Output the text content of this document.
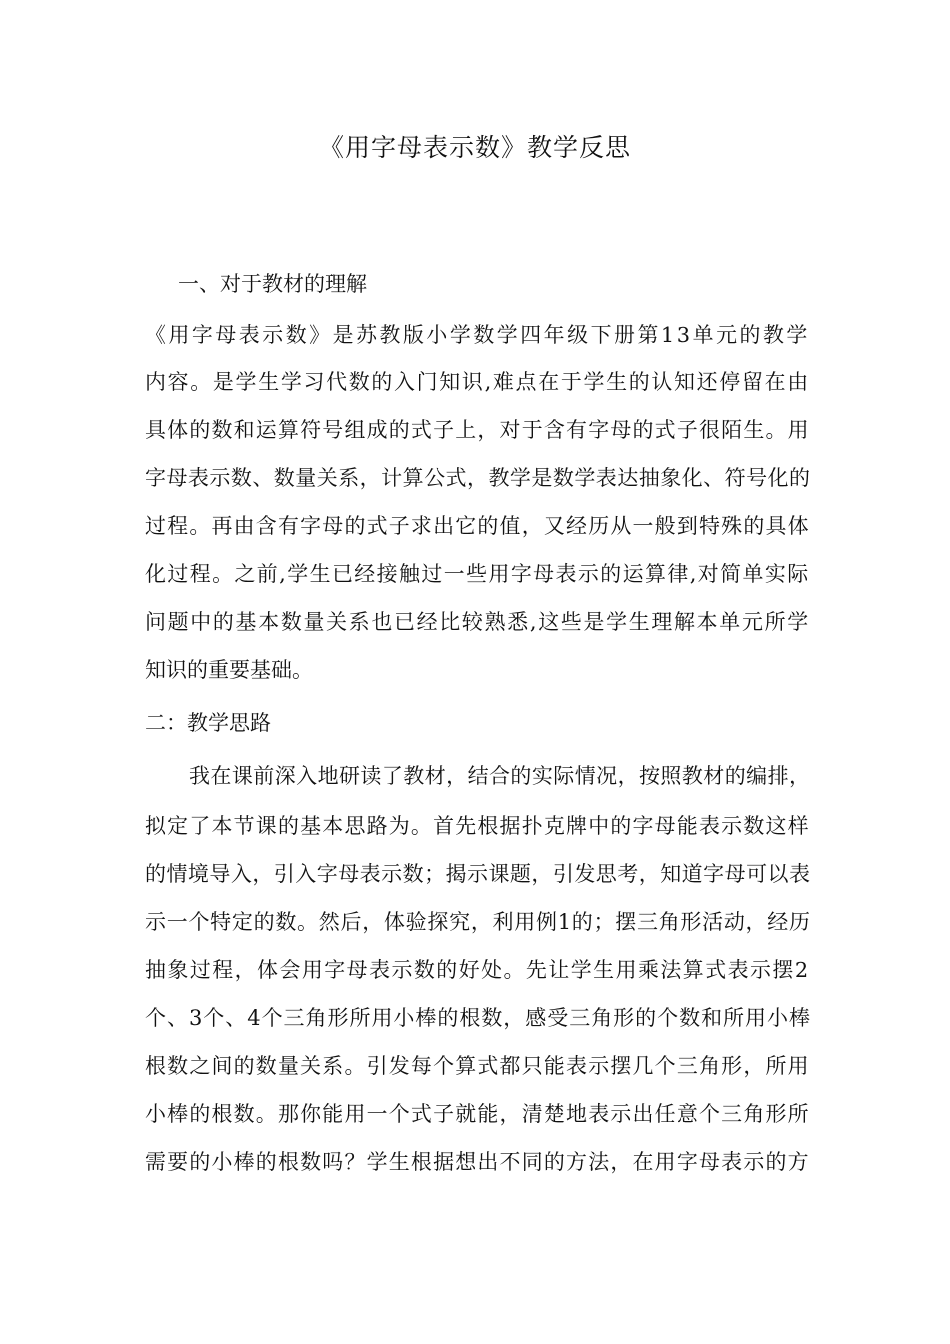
《用字母表示数》教学反思

一、对于教材的理解

《用字母表示数》是苏教版小学数学四年级下册第13单元的教学

内容。是学生学习代数的入门知识,难点在于学生的认知还停留在由

具体的数和运算符号组成的式子上，对于含有字母的式子很陌生。用

字母表示数、数量关系，计算公式，教学是数学表达抽象化、符号化的

过程。再由含有字母的式子求出它的值，又经历从一般到特殊的具体

化过程。之前,学生已经接触过一些用字母表示的运算律,对简单实际

问题中的基本数量关系也已经比较熟悉,这些是学生理解本单元所学

知识的重要基础。

二：教学思路

我在课前深入地研读了教材，结合的实际情况，按照教材的编排，

拟定了本节课的基本思路为。首先根据扑克牌中的字母能表示数这样

的情境导入，引入字母表示数；揭示课题，引发思考，知道字母可以表

示一个特定的数。然后，体验探究，利用例1的；摆三角形活动，经历

抽象过程，体会用字母表示数的好处。先让学生用乘法算式表示摆2

个、3个、4个三角形所用小棒的根数，感受三角形的个数和所用小棒

根数之间的数量关系。引发每个算式都只能表示摆几个三角形，所用

小棒的根数。那你能用一个式子就能，清楚地表示出任意个三角形所

需要的小棒的根数吗？学生根据想出不同的方法，在用字母表示的方
